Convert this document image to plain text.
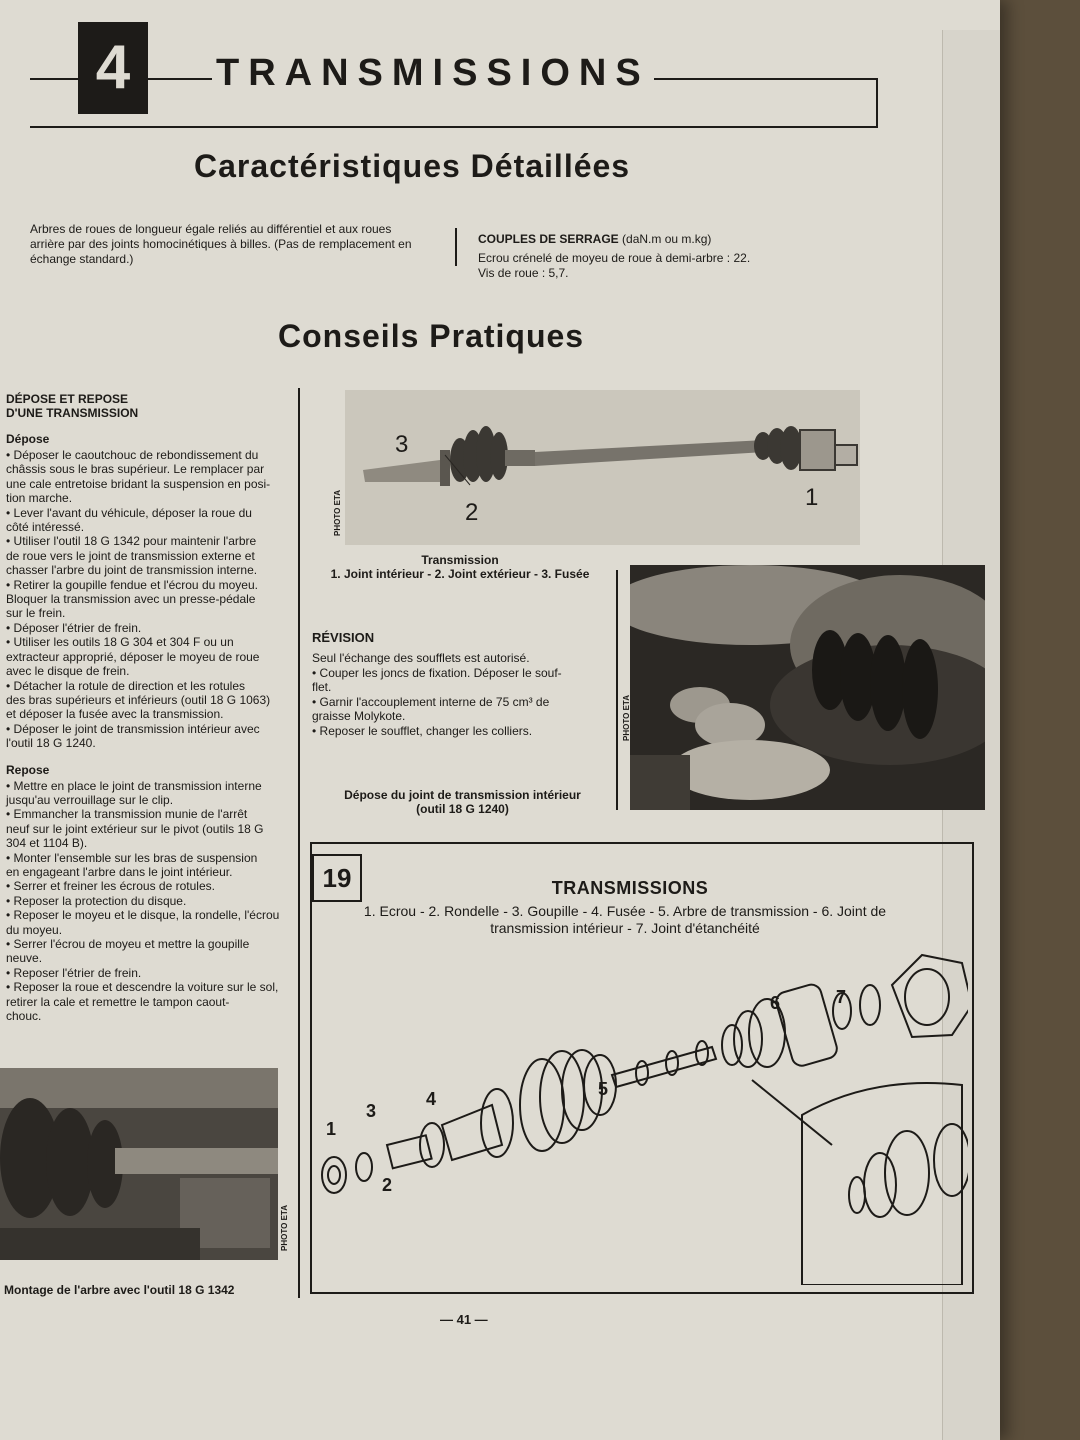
4	TRANSMISSIONS
Caractéristiques Détaillées
Arbres de roues de longueur égale reliés au différentiel et aux roues
arrière par des joints homocinétiques à billes. (Pas de remplacement en
échange standard.)
COUPLES DE SERRAGE (daN.m ou m.kg)
Ecrou crénelé de moyeu de roue à demi-arbre : 22.
Vis de roue : 5,7.
Conseils Pratiques
DÉPOSE ET REPOSE
D'UNE TRANSMISSION
Dépose
• Déposer le caoutchouc de rebondissement du
châssis sous le bras supérieur. Le remplacer par
une cale entretoise bridant la suspension en posi-
tion marche.
• Lever l'avant du véhicule, déposer la roue du
côté intéressé.
• Utiliser l'outil 18 G 1342 pour maintenir l'arbre
de roue vers le joint de transmission externe et
chasser l'arbre du joint de transmission interne.
• Retirer la goupille fendue et l'écrou du moyeu.
Bloquer la transmission avec un presse-pédale
sur le frein.
• Déposer l'étrier de frein.
• Utiliser les outils 18 G 304 et 304 F ou un
extracteur approprié, déposer le moyeu de roue
avec le disque de frein.
• Détacher la rotule de direction et les rotules
des bras supérieurs et inférieurs (outil 18 G 1063)
et déposer la fusée avec la transmission.
• Déposer le joint de transmission intérieur avec
l'outil 18 G 1240.
Repose
• Mettre en place le joint de transmission interne
jusqu'au verrouillage sur le clip.
• Emmancher la transmission munie de l'arrêt
neuf sur le joint extérieur sur le pivot (outils 18 G
304 et 1104 B).
• Monter l'ensemble sur les bras de suspension
en engageant l'arbre dans le joint intérieur.
• Serrer et freiner les écrous de rotules.
• Reposer la protection du disque.
• Reposer le moyeu et le disque, la rondelle, l'écrou
du moyeu.
• Serrer l'écrou de moyeu et mettre la goupille
neuve.
• Reposer l'étrier de frein.
• Reposer la roue et descendre la voiture sur le sol,
retirer la cale et remettre le tampon caout-
chouc.
3
2
1
PHOTO ETA
Transmission
1. Joint intérieur - 2. Joint extérieur - 3. Fusée
RÉVISION
Seul l'échange des soufflets est autorisé.
• Couper les joncs de fixation. Déposer le souf-
flet.
• Garnir l'accouplement interne de 75 cm³ de
graisse Molykote.
• Reposer le soufflet, changer les colliers.
Dépose du joint de transmission intérieur
(outil 18 G 1240)
PHOTO ETA
19	TRANSMISSIONS
1. Ecrou - 2. Rondelle - 3. Goupille - 4. Fusée - 5. Arbre de transmission - 6. Joint de
transmission intérieur - 7. Joint d'étanchéité
1
2
3
4	5
6	7
PHOTO ETA
Montage de l'arbre avec l'outil 18 G 1342
— 41 —
